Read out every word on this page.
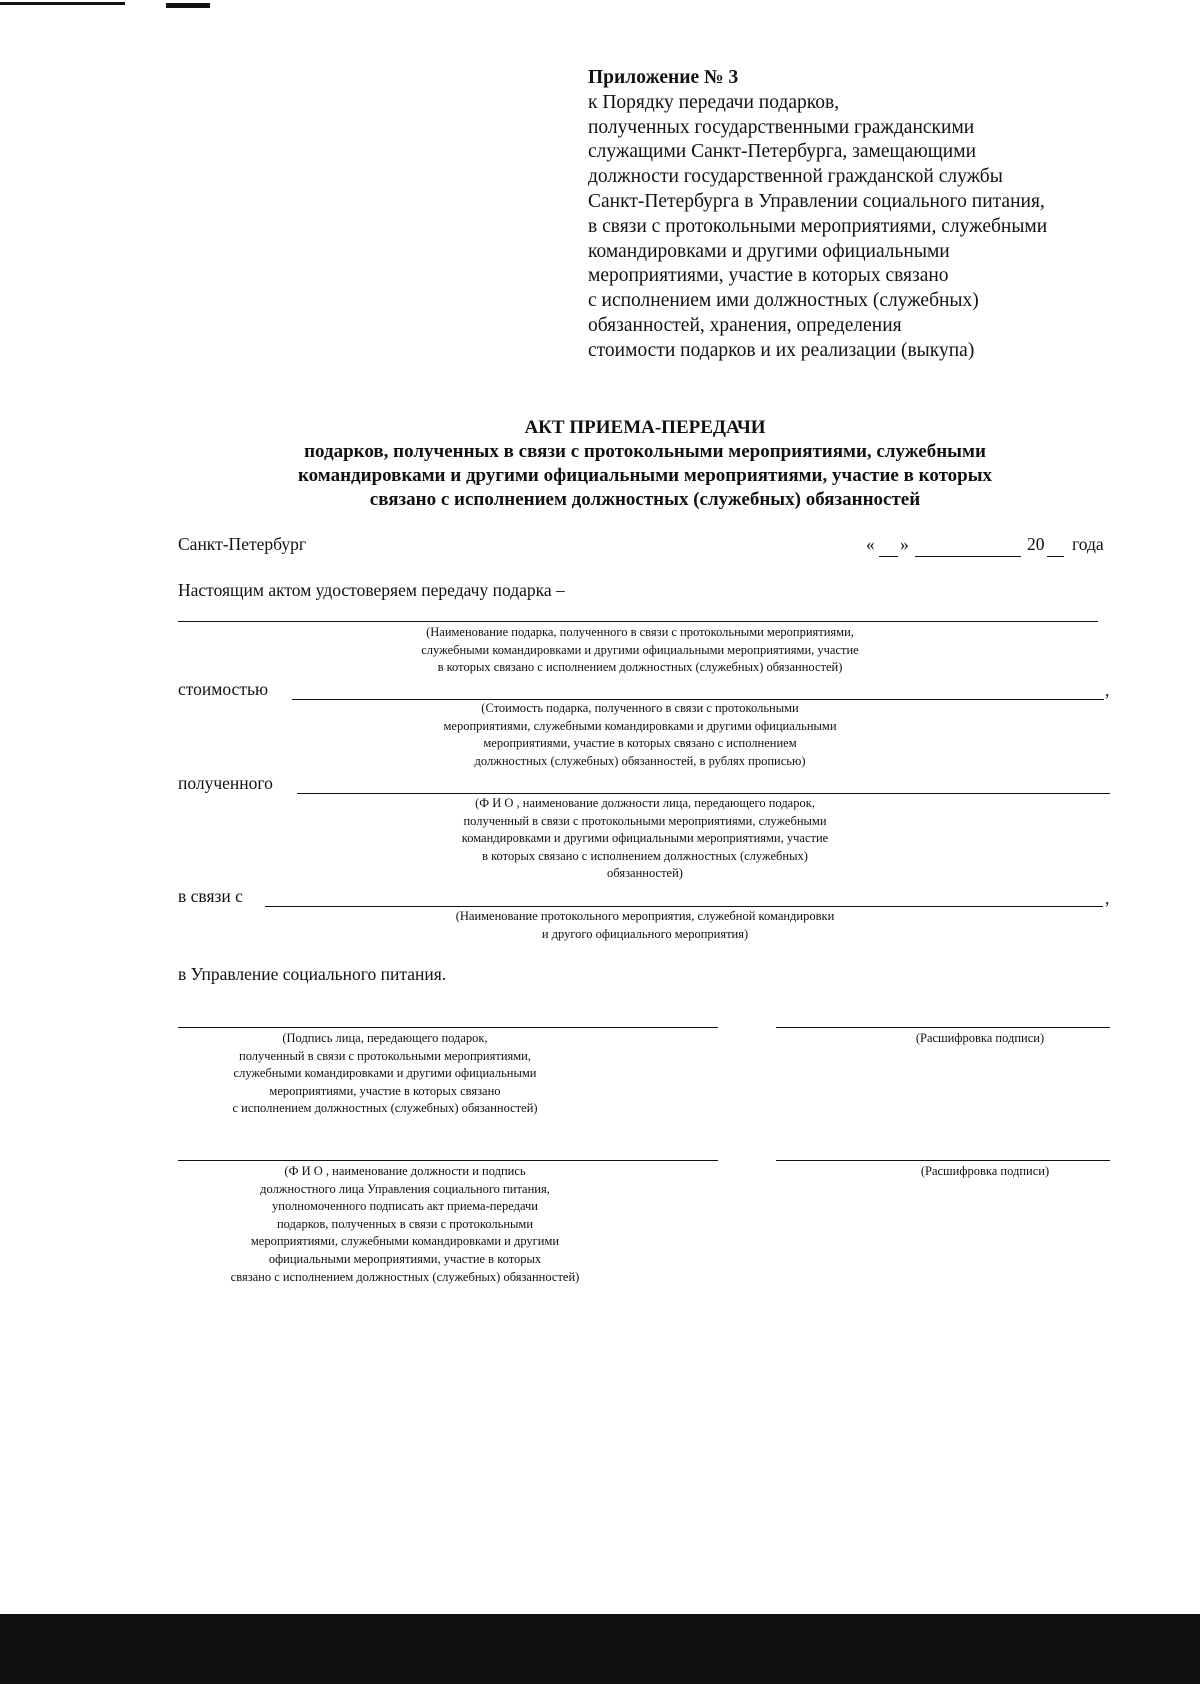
Приложение № 3
к Порядку передачи подарков,
полученных государственными гражданскими
служащими Санкт-Петербурга, замещающими
должности государственной гражданской службы
Санкт-Петербурга в Управлении социального питания,
в связи с протокольными мероприятиями, служебными
командировками и другими официальными
мероприятиями, участие в которых связано
с исполнением ими должностных (служебных)
обязанностей, хранения, определения
стоимости подарков и их реализации (выкупа)
АКТ ПРИЕМА-ПЕРЕДАЧИ
подарков, полученных в связи с протокольными мероприятиями, служебными
командировками и другими официальными мероприятиями, участие в которых
связано с исполнением должностных (служебных) обязанностей
Санкт-Петербург	« »	20 года
Настоящим актом удостоверяем передачу подарка –
(Наименование подарка, полученного в связи с протокольными мероприятиями,
служебными командировками и другими официальными мероприятиями, участие
в которых связано с исполнением должностных (служебных) обязанностей)
стоимостью	,
(Стоимость подарка, полученного в связи с протокольными
мероприятиями, служебными командировками и другими официальными
мероприятиями, участие в которых связано с исполнением
должностных (служебных) обязанностей, в рублях прописью)
полученного
(Ф И О , наименование должности лица, передающего подарок,
полученный в связи с протокольными мероприятиями, служебными
командировками и другими официальными мероприятиями, участие
в которых связано с исполнением должностных (служебных)
обязанностей)
в связи с	,
(Наименование протокольного мероприятия, служебной командировки
и другого официального мероприятия)
в Управление социального питания.
(Подпись лица, передающего подарок,
полученный в связи с протокольными мероприятиями,
служебными командировками и другими официальными
мероприятиями, участие в которых связано
с исполнением должностных (служебных) обязанностей)
(Расшифровка подписи)
(Ф И О , наименование должности и подпись
должностного лица Управления социального питания,
уполномоченного подписать акт приема-передачи
подарков, полученных в связи с протокольными
мероприятиями, служебными командировками и другими
официальными мероприятиями, участие в которых
связано с исполнением должностных (служебных) обязанностей)
(Расшифровка подписи)
